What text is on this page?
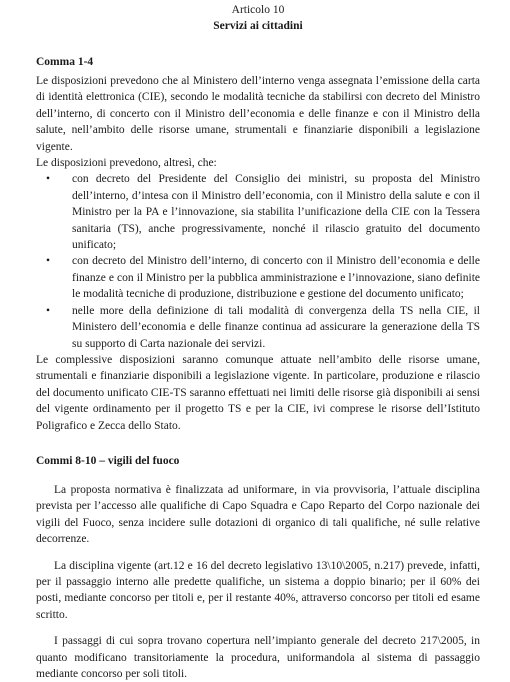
Articolo 10
Servizi ai cittadini
Comma 1-4

Le disposizioni prevedono che al Ministero dell’interno venga assegnata l’emissione della carta di identità elettronica (CIE), secondo le modalità tecniche da stabilirsi con decreto del Ministro dell’interno, di concerto con il Ministro dell’economia e delle finanze e con il Ministro della salute, nell’ambito delle risorse umane, strumentali e finanziarie disponibili a legislazione vigente.

Le disposizioni prevedono, altresì, che:

• con decreto del Presidente del Consiglio dei ministri, su proposta del Ministro dell’interno, d’intesa con il Ministro dell’economia, con il Ministro della salute e con il Ministro per la PA e l’innovazione, sia stabilita l’unificazione della CIE con la Tessera sanitaria (TS), anche progressivamente, nonché il rilascio gratuito del documento unificato;
• con decreto del Ministro dell’interno, di concerto con il Ministro dell’economia e delle finanze e con il Ministro per la pubblica amministrazione e l’innovazione, siano definite le modalità tecniche di produzione, distribuzione e gestione del documento unificato;
• nelle more della definizione di tali modalità di convergenza della TS nella CIE, il Ministero dell’economia e delle finanze continua ad assicurare la generazione della TS su supporto di Carta nazionale dei servizi.

Le complessive disposizioni saranno comunque attuate nell’ambito delle risorse umane, strumentali e finanziarie disponibili a legislazione vigente. In particolare, produzione e rilascio del documento unificato CIE-TS saranno effettuati nei limiti delle risorse già disponibili ai sensi del vigente ordinamento per il progetto TS e per la CIE, ivi comprese le risorse dell’Istituto Poligrafico e Zecca dello Stato.

Commi 8-10 – vigili del fuoco

La proposta normativa è finalizzata ad uniformare, in via provvisoria, l’attuale disciplina prevista per l’accesso alle qualifiche di Capo Squadra e Capo Reparto del Corpo nazionale dei vigili del Fuoco, senza incidere sulle dotazioni di organico di tali qualifiche, né sulle relative decorrenze.

La disciplina vigente (art.12 e 16 del decreto legislativo 13\10\2005, n.217) prevede, infatti, per il passaggio interno alle predette qualifiche, un sistema a doppio binario; per il 60% dei posti, mediante concorso per titoli e, per il restante 40%, attraverso concorso per titoli ed esame scritto.

I passaggi di cui sopra trovano copertura nell’impianto generale del decreto 217\2005, in quanto modificano transitoriamente la procedura, uniformandola al sistema di passaggio mediante concorso per soli titoli.
